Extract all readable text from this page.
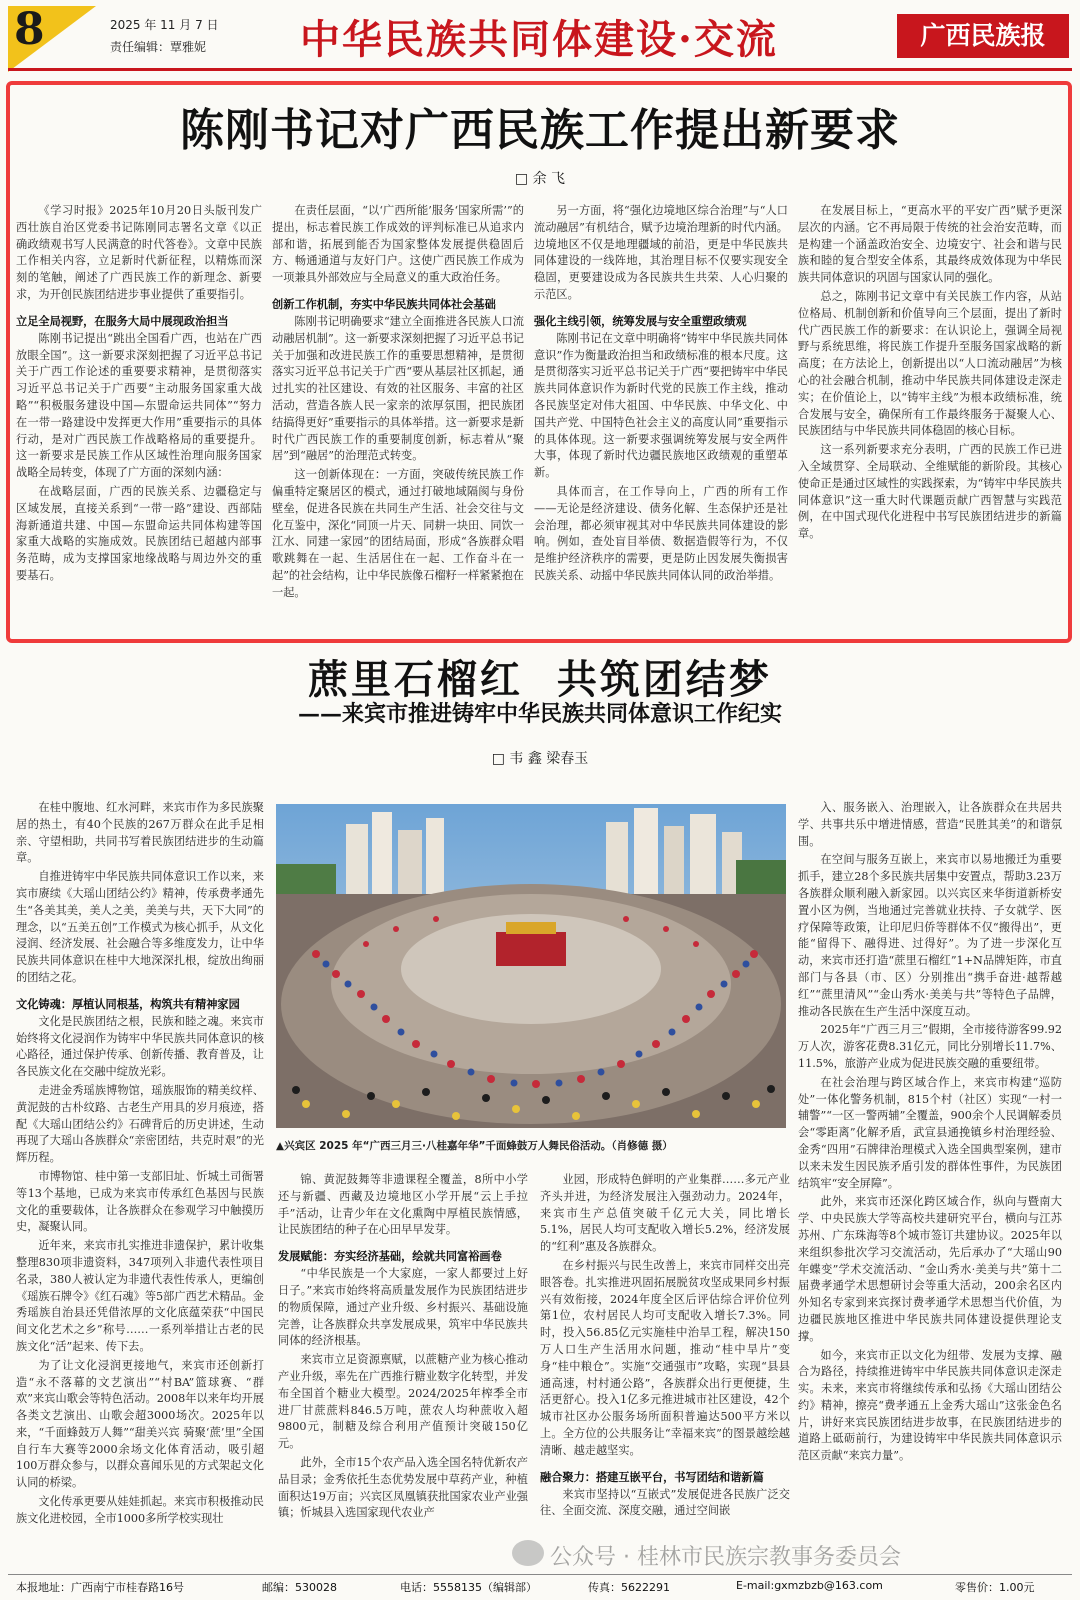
8	2025 年 11 月 7 日
责任编辑：覃雅妮 中华民族共同体建设·交流	广西民族报
陈刚书记对广西民族工作提出新要求
□ 余 飞

《学习时报》2025年10月20日头版刊发广西壮族自治区党委书记陈刚同志署名文章《以正确政绩观书写人民满意的时代答卷》。文章中民族工作相关内容，立足新时代新征程，以精炼而深刻的笔触，阐述了广西民族工作的新理念、新要求，为开创民族团结进步事业提供了重要指引。

立足全局视野，在服务大局中展现政治担当

陈刚书记提出“跳出全国看广西，也站在广西放眼全国”。这一新要求深刻把握了习近平总书记关于广西工作论述的重要要求精神，是贯彻落实习近平总书记关于广西要“主动服务国家重大战略”“积极服务建设中国—东盟命运共同体”“努力在一带一路建设中发挥更大作用”重要指示的具体行动，是对广西民族工作战略格局的重要提升。这一新要求是民族工作从区域性治理向服务国家战略全局转变，体现了广方面的深刻内涵：

在战略层面，广西的民族关系、边疆稳定与区域发展，直接关系到“一带一路”建设、西部陆海新通道共建、中国—东盟命运共同体构建等国家重大战略的实施成效。民族团结已超越内部事务范畴，成为支撑国家地缘战略与周边外交的重要基石。

在责任层面，“以‘广西所能’服务‘国家所需’”的提出，标志着民族工作成效的评判标准已从追求内部和谐，拓展到能否为国家整体发展提供稳固后方、畅通通道与友好门户。这使广西民族工作成为一项兼具外部效应与全局意义的重大政治任务。

创新工作机制，夯实中华民族共同体社会基础

陈刚书记明确要求“建立全面推进各民族人口流动融居机制”。这一新要求深刻把握了习近平总书记关于加强和改进民族工作的重要思想精神，是贯彻落实习近平总书记关于广西“要从基层社区抓起，通过扎实的社区建设、有效的社区服务、丰富的社区活动，营造各族人民一家亲的浓厚氛围，把民族团结搞得更好”重要指示的具体举措。这一新要求是新时代广西民族工作的重要制度创新，标志着从“聚居”到“融居”的治理范式转变。

这一创新体现在：一方面，突破传统民族工作偏重特定聚居区的模式，通过打破地域隔阂与身份壁垒，促进各民族在共同生产生活、社会交往与文化互鉴中，深化“同顶一片天、同耕一块田、同饮一江水、同建一家园”的团结局面，形成“各族群众唱歌跳舞在一起、生活居住在一起、工作奋斗在一起”的社会结构，让中华民族像石榴籽一样紧紧抱在一起。

另一方面，将“强化边境地区综合治理”与“人口流动融居”有机结合，赋予边境治理新的时代内涵。边境地区不仅是地理疆域的前沿，更是中华民族共同体建设的一线阵地，其治理目标不仅要实现安全稳固，更要建设成为各民族共生共荣、人心归聚的示范区。

强化主线引领，统筹发展与安全重塑政绩观

陈刚书记在文章中明确将“铸牢中华民族共同体意识”作为衡量政治担当和政绩标准的根本尺度。这是贯彻落实习近平总书记关于广西“要把铸牢中华民族共同体意识作为新时代党的民族工作主线，推动各民族坚定对伟大祖国、中华民族、中华文化、中国共产党、中国特色社会主义的高度认同”重要指示的具体体现。这一新要求强调统筹发展与安全两件大事，体现了新时代边疆民族地区政绩观的重塑革新。

具体而言，在工作导向上，广西的所有工作——无论是经济建设、债务化解、生态保护还是社会治理，都必须审视其对中华民族共同体建设的影响。例如，查处盲目举债、数据造假等行为，不仅是维护经济秩序的需要，更是防止因发展失衡损害民族关系、动摇中华民族共同体认同的政治举措。

在发展目标上，“更高水平的平安广西”赋予更深层次的内涵。它不再局限于传统的社会治安范畴，而是构建一个涵盖政治安全、边境安宁、社会和谐与民族和睦的复合型安全体系，其最终成效体现为中华民族共同体意识的巩固与国家认同的强化。

总之，陈刚书记文章中有关民族工作内容，从站位格局、机制创新和价值导向三个层面，提出了新时代广西民族工作的新要求：在认识论上，强调全局视野与系统思维，将民族工作提升至服务国家战略的新高度；在方法论上，创新提出以“人口流动融居”为核心的社会融合机制，推动中华民族共同体建设走深走实；在价值论上，以“铸牢主线”为根本政绩标准，统合发展与安全，确保所有工作最终服务于凝聚人心、民族团结与中华民族共同体稳固的核心目标。

这一系列新要求充分表明，广西的民族工作已进入全域贯穿、全局联动、全维赋能的新阶段。其核心使命正是通过区域性的实践探索，为“铸牢中华民族共同体意识”这一重大时代课题贡献广西智慧与实践范例，在中国式现代化进程中书写民族团结进步的新篇章。

蔗里石榴红  共筑团结梦
——来宾市推进铸牢中华民族共同体意识工作纪实
□ 韦 鑫 梁春玉

在桂中腹地、红水河畔，来宾市作为多民族聚居的热土，有40个民族的267万群众在此手足相亲、守望相助，共同书写着民族团结进步的生动篇章。

自推进铸牢中华民族共同体意识工作以来，来宾市赓续《大瑶山团结公约》精神，传承费孝通先生“各美其美，美人之美，美美与共，天下大同”的理念，以“五美五创”工作模式为核心抓手，从文化浸润、经济发展、社会融合等多维度发力，让中华民族共同体意识在桂中大地深深扎根，绽放出绚丽的团结之花。

文化铸魂：厚植认同根基，构筑共有精神家园

文化是民族团结之根，民族和睦之魂。来宾市始终将文化浸润作为铸牢中华民族共同体意识的核心路径，通过保护传承、创新传播、教育普及，让各民族文化在交融中绽放光彩。

走进金秀瑶族博物馆，瑶族服饰的精美纹样、黄泥鼓的古朴纹路、古老生产用具的岁月痕迹，搭配《大瑶山团结公约》石碑背后的历史讲述，生动再现了大瑶山各族群众“亲密团结，共克时艰”的光辉历程。

市博物馆、桂中第一支部旧址、忻城土司衙署等13个基地，已成为来宾市传承红色基因与民族文化的重要载体，让各族群众在参观学习中触摸历史，凝聚认同。

近年来，来宾市扎实推进非遗保护，累计收集整理830项非遗资料，347项列入非遗代表性项目名录，380人被认定为非遗代表性传承人，更编创《瑶族石牌令》《红石魂》等5部广西艺术精品。金秀瑶族自治县还凭借浓厚的文化底蕴荣获“中国民间文化艺术之乡”称号……一系列举措让古老的民族文化“活”起来、传下去。

为了让文化浸润更接地气，来宾市还创新打造“永不落幕的文艺演出”“村BA”篮球赛、“群欢”来宾山歌会等特色活动。2008年以来年均开展各类文艺演出、山歌会超3000场次。2025年以来，“千面蜂鼓万人舞”“甜美兴宾 骑聚‘蔗’里”全国自行车大赛等2000余场文化体育活动，吸引超100万群众参与，以群众喜闻乐见的方式架起文化认同的桥梁。

文化传承更要从娃娃抓起。来宾市积极推动民族文化进校园，全市1000多所学校实现壮

▲兴宾区 2025 年“广西三月三·八桂嘉年华”千面蜂鼓万人舞民俗活动。（肖修德 摄）

锦、黄泥鼓舞等非遗课程全覆盖，8所中小学还与新疆、西藏及边境地区小学开展“云上手拉手”活动，让青少年在文化熏陶中厚植民族情感，让民族团结的种子在心田早早发芽。

发展赋能：夯实经济基础，绘就共同富裕画卷

“中华民族是一个大家庭，一家人都要过上好日子。”来宾市始终将高质量发展作为民族团结进步的物质保障，通过产业升级、乡村振兴、基础设施完善，让各族群众共享发展成果，筑牢中华民族共同体的经济根基。

来宾市立足资源禀赋，以蔗糖产业为核心推动产业升级，率先在广西推行糖业数字化转型，并发布全国首个糖业大模型。2024/2025年榨季全市进厂甘蔗蔗料846.5万吨，蔗农人均种蔗收入超9800元，制糖及综合利用产值预计突破150亿元。

此外，全市15个农产品入选全国名特优新农产品目录；金秀依托生态优势发展中草药产业，种植面积达19万亩；兴宾区凤凰镇获批国家农业产业强镇；忻城县入选国家现代农业产

业园，形成特色鲜明的产业集群……多元产业齐头并进，为经济发展注入强劲动力。2024年，来宾市生产总值突破千亿元大关，同比增长5.1%，居民人均可支配收入增长5.2%，经济发展的“红利”惠及各族群众。

在乡村振兴与民生改善上，来宾市同样交出亮眼答卷。扎实推进巩固拓展脱贫攻坚成果同乡村振兴有效衔接，2024年度全区后评估综合评价位列第1位，农村居民人均可支配收入增长7.3%。同时，投入56.85亿元实施桂中治旱工程，解决150万人口生产生活用水问题，推动“桂中旱片”变身“桂中粮仓”。实施“交通强市”攻略，实现“县县通高速，村村通公路”，各族群众出行更便捷，生活更舒心。投入1亿多元推进城市社区建设，42个城市社区办公服务场所面积普遍达500平方米以上。全方位的公共服务让“幸福来宾”的图景越绘越清晰、越走越坚实。

融合聚力：搭建互嵌平台，书写团结和谐新篇

来宾市坚持以“互嵌式”发展促进各民族广泛交往、全面交流、深度交融，通过空间嵌

入、服务嵌入、治理嵌入，让各族群众在共居共学、共事共乐中增进情感，营造“民胜其美”的和谐氛围。

在空间与服务互嵌上，来宾市以易地搬迁为重要抓手，建立28个多民族共居集中安置点，帮助3.23万各族群众顺利融入新家园。以兴宾区来华街道新桥安置小区为例，当地通过完善就业扶持、子女就学、医疗保障等政策，让印尼归侨等群体不仅“搬得出”，更能“留得下、融得进、过得好”。为了进一步深化互动，来宾市还打造“蔗里石榴红”1+N品牌矩阵，市直部门与各县（市、区）分别推出“携手奋进·越帮越红”“蔗里清风”“金山秀水·美美与共”等特色子品牌，推动各民族在生产生活中深度互动。

2025年“广西三月三”假期，全市接待游客99.92万人次，游客花费8.31亿元，同比分别增长11.7%、11.5%，旅游产业成为促进民族交融的重要纽带。

在社会治理与跨区域合作上，来宾市构建“巡防处”一体化警务机制，815个村（社区）实现“一村一辅警”“一区一警两辅”全覆盖，900余个人民调解委员会“零距离”化解矛盾，武宣县通挽镇乡村治理经验、金秀“四用”石牌律治理模式入选全国典型案例，建市以来未发生因民族矛盾引发的群体性事件，为民族团结筑牢“安全屏障”。

此外，来宾市还深化跨区域合作，纵向与暨南大学、中央民族大学等高校共建研究平台，横向与江苏苏州、广东珠海等8个城市签订共建协议。2025年以来组织参批次学习交流活动，先后承办了“大瑶山90年蝶变”学术交流活动、“金山秀水·美美与共”第十二届费孝通学术思想研讨会等重大活动，200余名区内外知名专家到来宾探讨费孝通学术思想当代价值，为边疆民族地区推进中华民族共同体建设提供理论支撑。

如今，来宾市正以文化为纽带、发展为支撑、融合为路径，持续推进铸牢中华民族共同体意识走深走实。未来，来宾市将继续传承和弘扬《大瑶山团结公约》精神，擦亮“费孝通五上金秀大瑶山”这张金色名片，讲好来宾民族团结进步故事，在民族团结进步的道路上砥砺前行，为建设铸牢中华民族共同体意识示范区贡献“来宾力量”。

公众号 · 桂林市民族宗教事务委员会
本报地址：广西南宁市桂春路16号	邮编：530028	电话：5558135（编辑部）	传真：5622291	E-mail:gxmzbzb@163.com	零售价：1.00元
